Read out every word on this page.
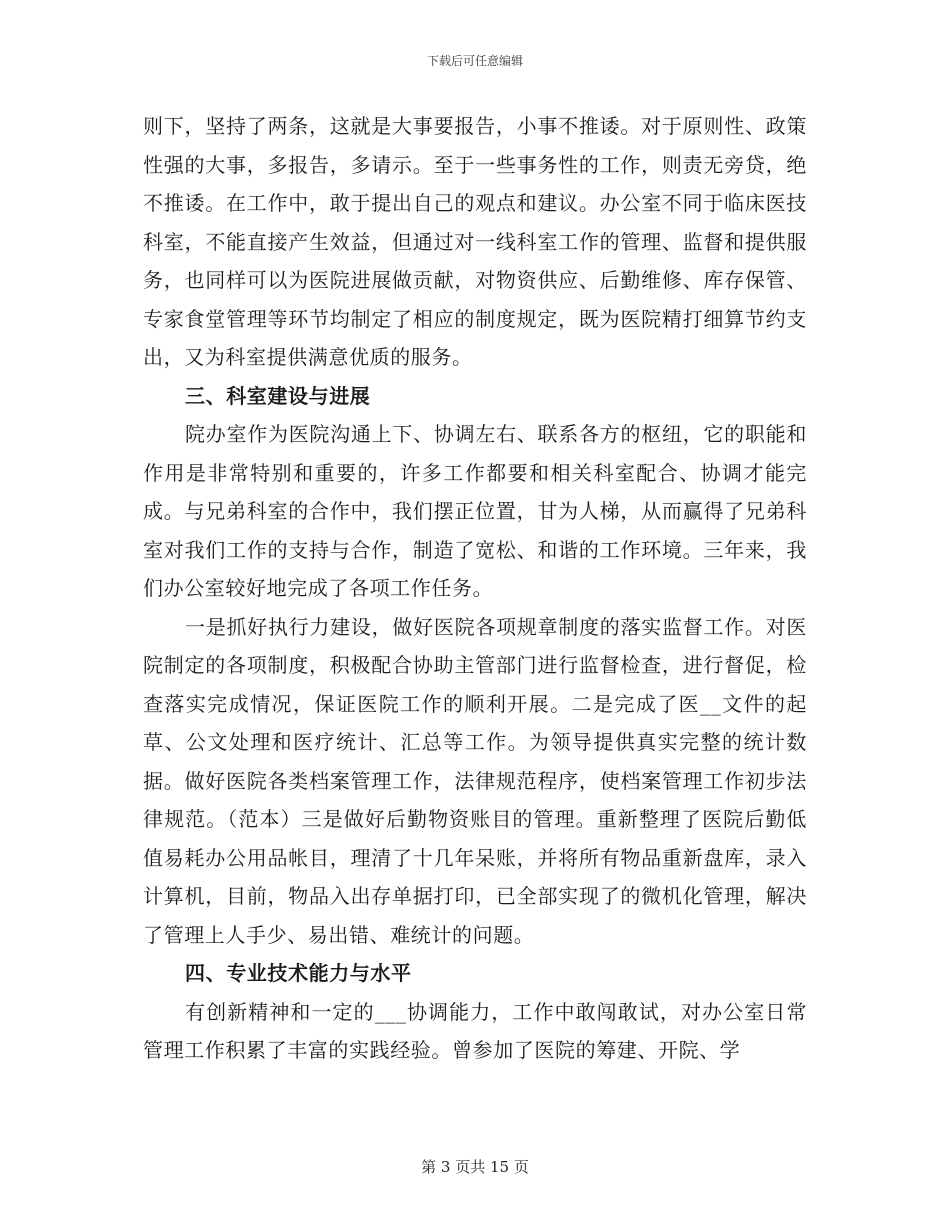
下载后可任意编辑

则下，坚持了两条，这就是大事要报告，小事不推诿。对于原则性、政策性强的大事，多报告，多请示。至于一些事务性的工作，则责无旁贷，绝不推诿。在工作中，敢于提出自己的观点和建议。办公室不同于临床医技科室，不能直接产生效益，但通过对一线科室工作的管理、监督和提供服务，也同样可以为医院进展做贡献，对物资供应、后勤维修、库存保管、专家食堂管理等环节均制定了相应的制度规定，既为医院精打细算节约支出，又为科室提供满意优质的服务。

三、科室建设与进展

院办室作为医院沟通上下、协调左右、联系各方的枢纽，它的职能和作用是非常特别和重要的，许多工作都要和相关科室配合、协调才能完成。与兄弟科室的合作中，我们摆正位置，甘为人梯，从而赢得了兄弟科室对我们工作的支持与合作，制造了宽松、和谐的工作环境。三年来，我们办公室较好地完成了各项工作任务。

一是抓好执行力建设，做好医院各项规章制度的落实监督工作。对医院制定的各项制度，积极配合协助主管部门进行监督检查，进行督促，检查落实完成情况，保证医院工作的顺利开展。二是完成了医__文件的起草、公文处理和医疗统计、汇总等工作。为领导提供真实完整的统计数据。做好医院各类档案管理工作，法律规范程序，使档案管理工作初步法律规范。（范本）三是做好后勤物资账目的管理。重新整理了医院后勤低值易耗办公用品帐目，理清了十几年呆账，并将所有物品重新盘库，录入计算机，目前，物品入出存单据打印，已全部实现了的微机化管理，解决了管理上人手少、易出错、难统计的问题。

四、专业技术能力与水平

有创新精神和一定的___协调能力，工作中敢闯敢试，对办公室日常管理工作积累了丰富的实践经验。曾参加了医院的筹建、开院、学

第 3 页共 15 页
